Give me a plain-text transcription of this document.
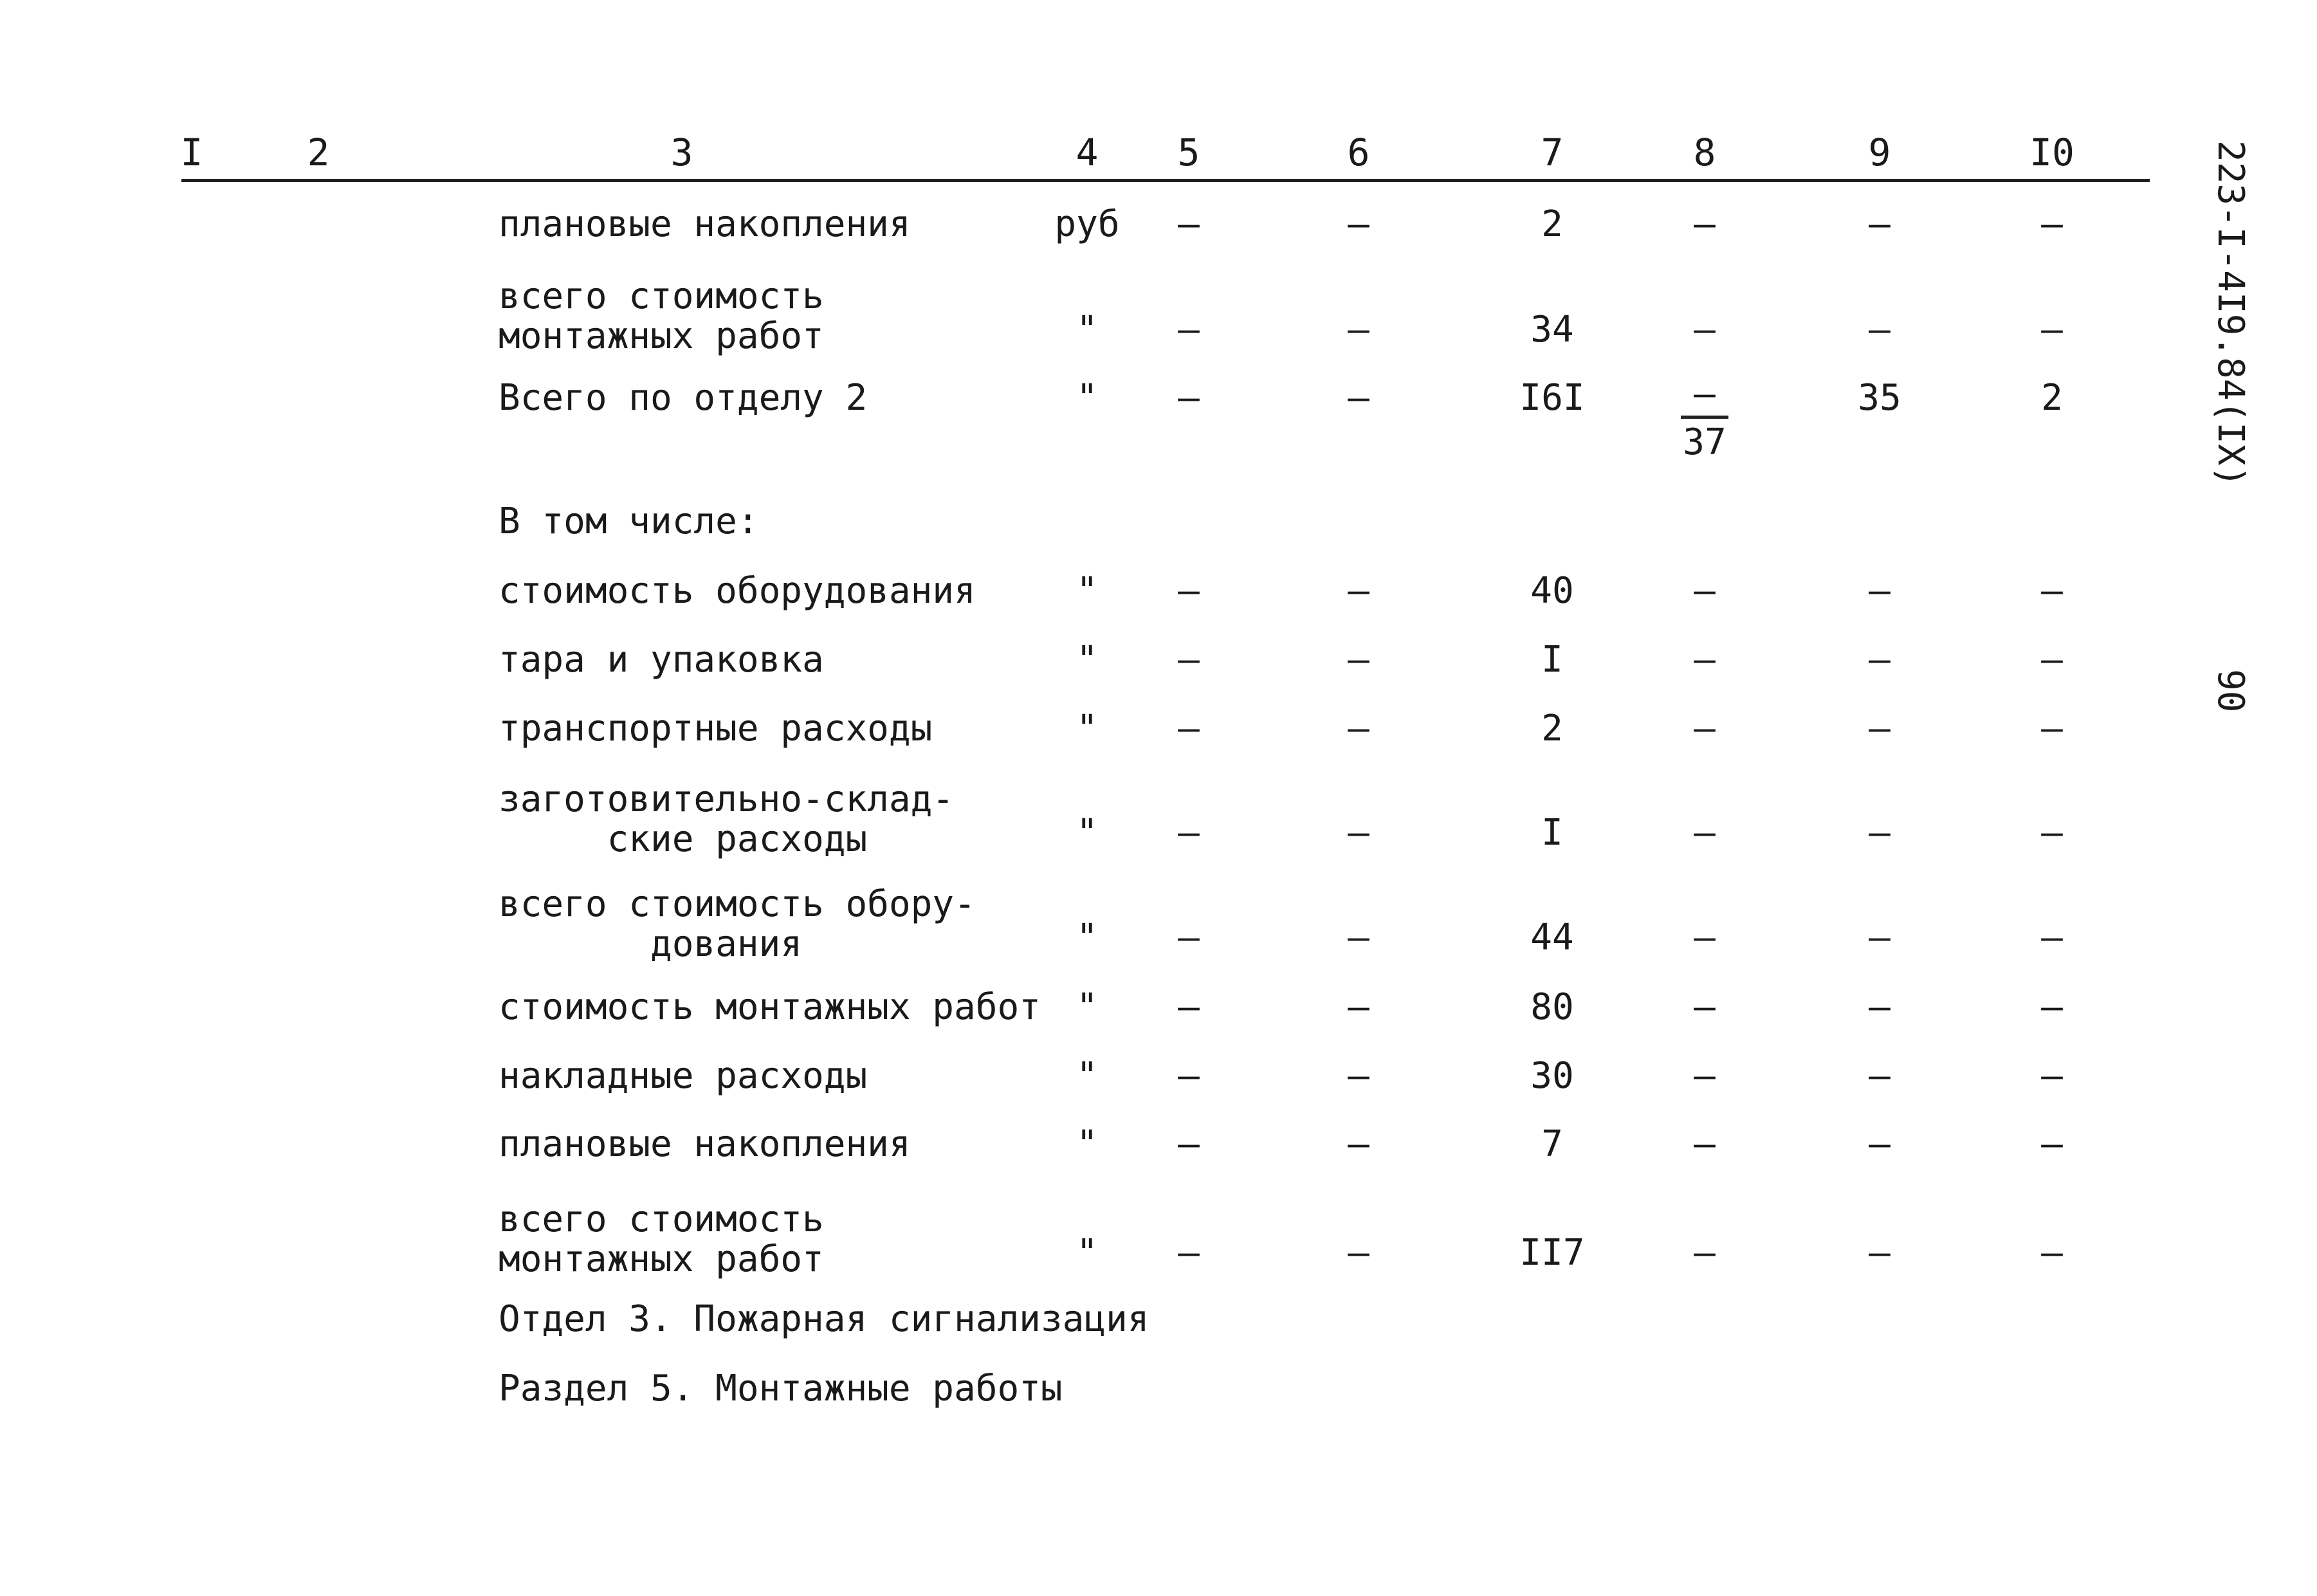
I	2	3	4 5	6	7	8	9	I0
плановые накопления	руб –	–	2	–	–	–
всего стоимость
монтажных работ	" –	–	34	–	–	–
Всего по отделу 2	" –	–	I6I	35	2
–
37
В том числе:
стоимость оборудования	" –	–	40	–	–	–
тара и упаковка	" –	–	I	–	–	–
транспортные расходы	" –	–	2	–	–	–
заготовительно-склад-
ские расходы	" –	–	I	–	–	–
всего стоимость обору-
дования	" –	–	44	–	–	–
стоимость монтажных работ " –	–	80	–	–	–
накладные расходы	" –	–	30	–	–	–
плановые накопления	" –	–	7	–	–	–
всего стоимость
монтажных работ	" –	–	II7	–	–	–
Отдел 3. Пожарная сигнализация
Раздел 5. Монтажные работы
223-I-4I9.84(IX)
90
